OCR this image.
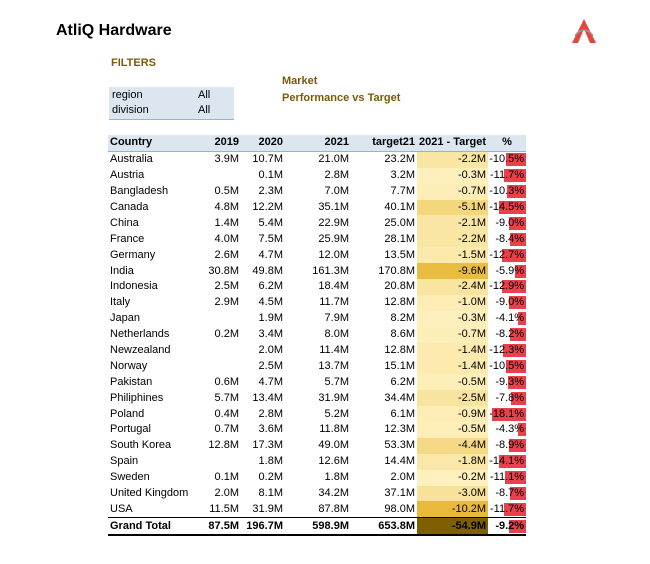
AtliQ Hardware
FILTERS
region	All
division	All
Market
Performance vs Target
Country	2019	2020	2021	target21	2021 - Target	%
Australia	3.9M	10.7M	21.0M	23.2M	-2.2M	-10.5%

Austria		0.1M	2.8M	3.2M	-0.3M	-11.7%

Bangladesh	0.5M	2.3M	7.0M	7.7M	-0.7M	-10.3%

Canada	4.8M	12.2M	35.1M	40.1M	-5.1M	-14.5%

China	1.4M	5.4M	22.9M	25.0M	-2.1M	-9.0%

France	4.0M	7.5M	25.9M	28.1M	-2.2M	-8.4%

Germany	2.6M	4.7M	12.0M	13.5M	-1.5M	-12.7%

India	30.8M	49.8M	161.3M	170.8M	-9.6M	-5.9%

Indonesia	2.5M	6.2M	18.4M	20.8M	-2.4M	-12.9%

Italy	2.9M	4.5M	11.7M	12.8M	-1.0M	-9.0%

Japan		1.9M	7.9M	8.2M	-0.3M	-4.1%

Netherlands	0.2M	3.4M	8.0M	8.6M	-0.7M	-8.2%

Newzealand		2.0M	11.4M	12.8M	-1.4M	-12.3%

Norway		2.5M	13.7M	15.1M	-1.4M	-10.5%

Pakistan	0.6M	4.7M	5.7M	6.2M	-0.5M	-9.3%

Philiphines	5.7M	13.4M	31.9M	34.4M	-2.5M	-7.8%

Poland	0.4M	2.8M	5.2M	6.1M	-0.9M	-18.1%

Portugal	0.7M	3.6M	11.8M	12.3M	-0.5M	-4.3%

South Korea	12.8M	17.3M	49.0M	53.3M	-4.4M	-8.9%

Spain		1.8M	12.6M	14.4M	-1.8M	-14.1%

Sweden	0.1M	0.2M	1.8M	2.0M	-0.2M	-11.1%

United Kingdom	2.0M	8.1M	34.2M	37.1M	-3.0M	-8.7%

USA	11.5M	31.9M	87.8M	98.0M	-10.2M	-11.7%

Grand Total	87.5M	196.7M	598.9M	653.8M	-54.9M	-9.2%
